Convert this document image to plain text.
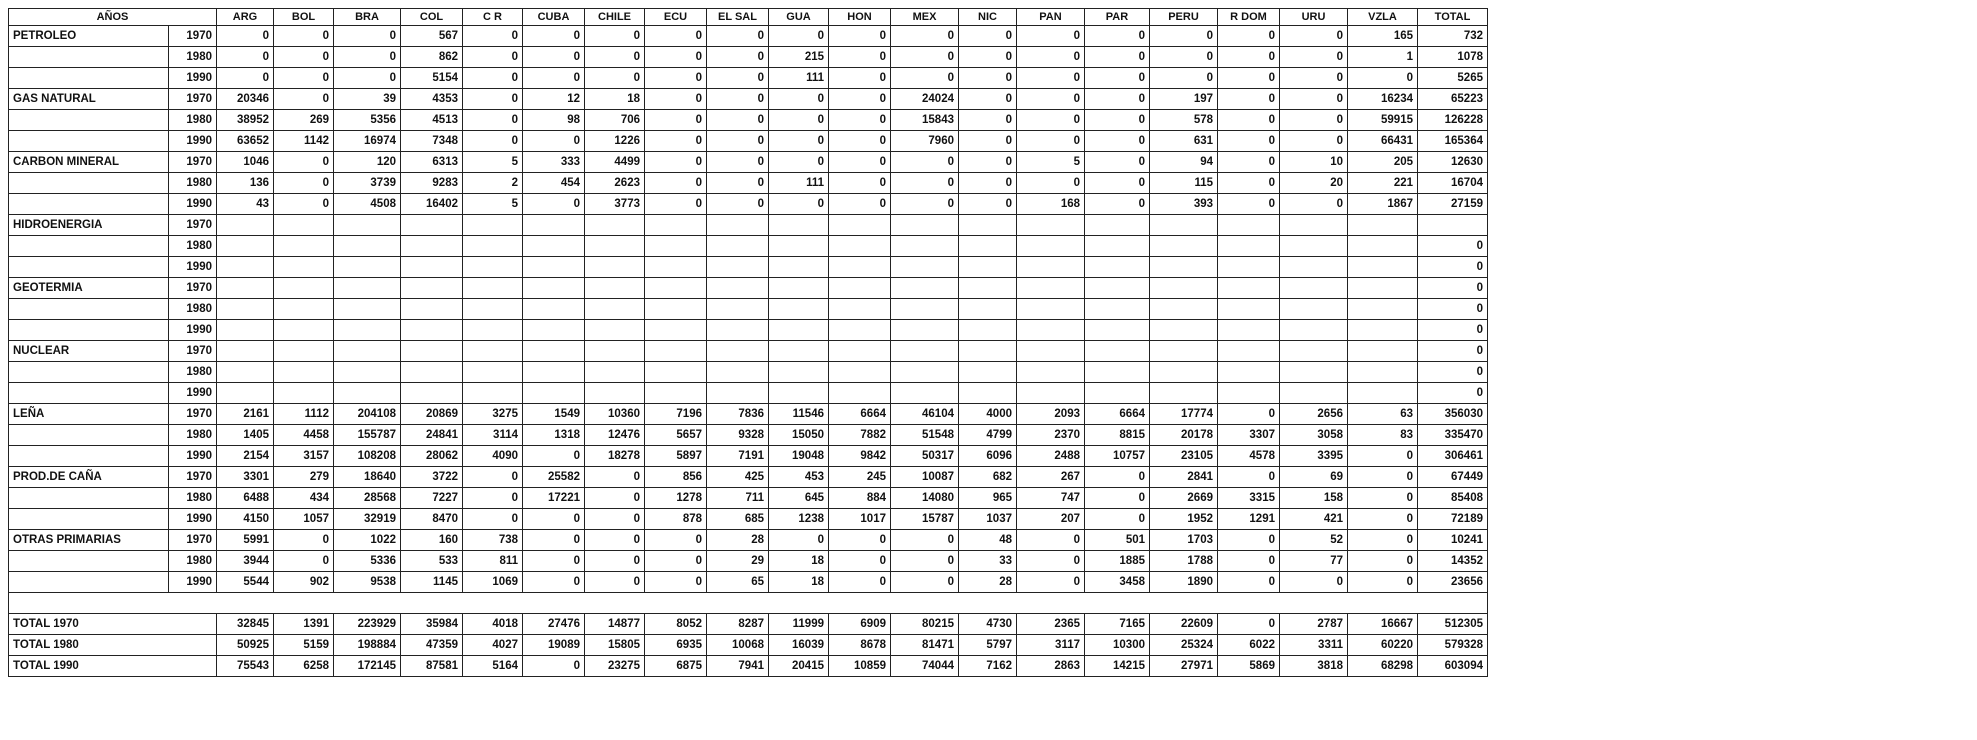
AÑOS		ARG	BOL	BRA	COL	C R	CUBA	CHILE	ECU	EL SAL	GUA	HON	MEX	NIC	PAN	PAR	PERU	R DOM	URU	VZLA	TOTAL
PETROLEO	1970	0	0	0	567	0	0	0	0	0	0	0	0	0	0	0	0	0	0	165	732
	1980	0	0	0	862	0	0	0	0	0	215	0	0	0	0	0	0	0	0	1	1078
	1990	0	0	0	5154	0	0	0	0	0	111	0	0	0	0	0	0	0	0	0	5265
GAS NATURAL	1970	20346	0	39	4353	0	12	18	0	0	0	0	24024	0	0	0	197	0	0	16234	65223
	1980	38952	269	5356	4513	0	98	706	0	0	0	0	15843	0	0	0	578	0	0	59915	126228
	1990	63652	1142	16974	7348	0	0	1226	0	0	0	0	7960	0	0	0	631	0	0	66431	165364
CARBON MINERAL	1970	1046	0	120	6313	5	333	4499	0	0	0	0	0	0	5	0	94	0	10	205	12630
	1980	136	0	3739	9283	2	454	2623	0	0	111	0	0	0	0	0	115	0	20	221	16704
	1990	43	0	4508	16402	5	0	3773	0	0	0	0	0	0	168	0	393	0	0	1867	27159
HIDROENERGIA	1970																				
	1980																				0
	1990																				0
GEOTERMIA	1970																				0
	1980																				0
	1990																				0
NUCLEAR	1970																				0
	1980																				0
	1990																				0
LEÑA	1970	2161	1112	204108	20869	3275	1549	10360	7196	7836	11546	6664	46104	4000	2093	6664	17774	0	2656	63	356030
	1980	1405	4458	155787	24841	3114	1318	12476	5657	9328	15050	7882	51548	4799	2370	8815	20178	3307	3058	83	335470
	1990	2154	3157	108208	28062	4090	0	18278	5897	7191	19048	9842	50317	6096	2488	10757	23105	4578	3395	0	306461
PROD.DE CAÑA	1970	3301	279	18640	3722	0	25582	0	856	425	453	245	10087	682	267	0	2841	0	69	0	67449
	1980	6488	434	28568	7227	0	17221	0	1278	711	645	884	14080	965	747	0	2669	3315	158	0	85408
	1990	4150	1057	32919	8470	0	0	0	878	685	1238	1017	15787	1037	207	0	1952	1291	421	0	72189
OTRAS PRIMARIAS	1970	5991	0	1022	160	738	0	0	0	28	0	0	0	48	0	501	1703	0	52	0	10241
	1980	3944	0	5336	533	811	0	0	0	29	18	0	0	33	0	1885	1788	0	77	0	14352
	1990	5544	902	9538	1145	1069	0	0	0	65	18	0	0	28	0	3458	1890	0	0	0	23656

TOTAL 1970		32845	1391	223929	35984	4018	27476	14877	8052	8287	11999	6909	80215	4730	2365	7165	22609	0	2787	16667	512305
TOTAL 1980		50925	5159	198884	47359	4027	19089	15805	6935	10068	16039	8678	81471	5797	3117	10300	25324	6022	3311	60220	579328
TOTAL 1990		75543	6258	172145	87581	5164	0	23275	6875	7941	20415	10859	74044	7162	2863	14215	27971	5869	3818	68298	603094
